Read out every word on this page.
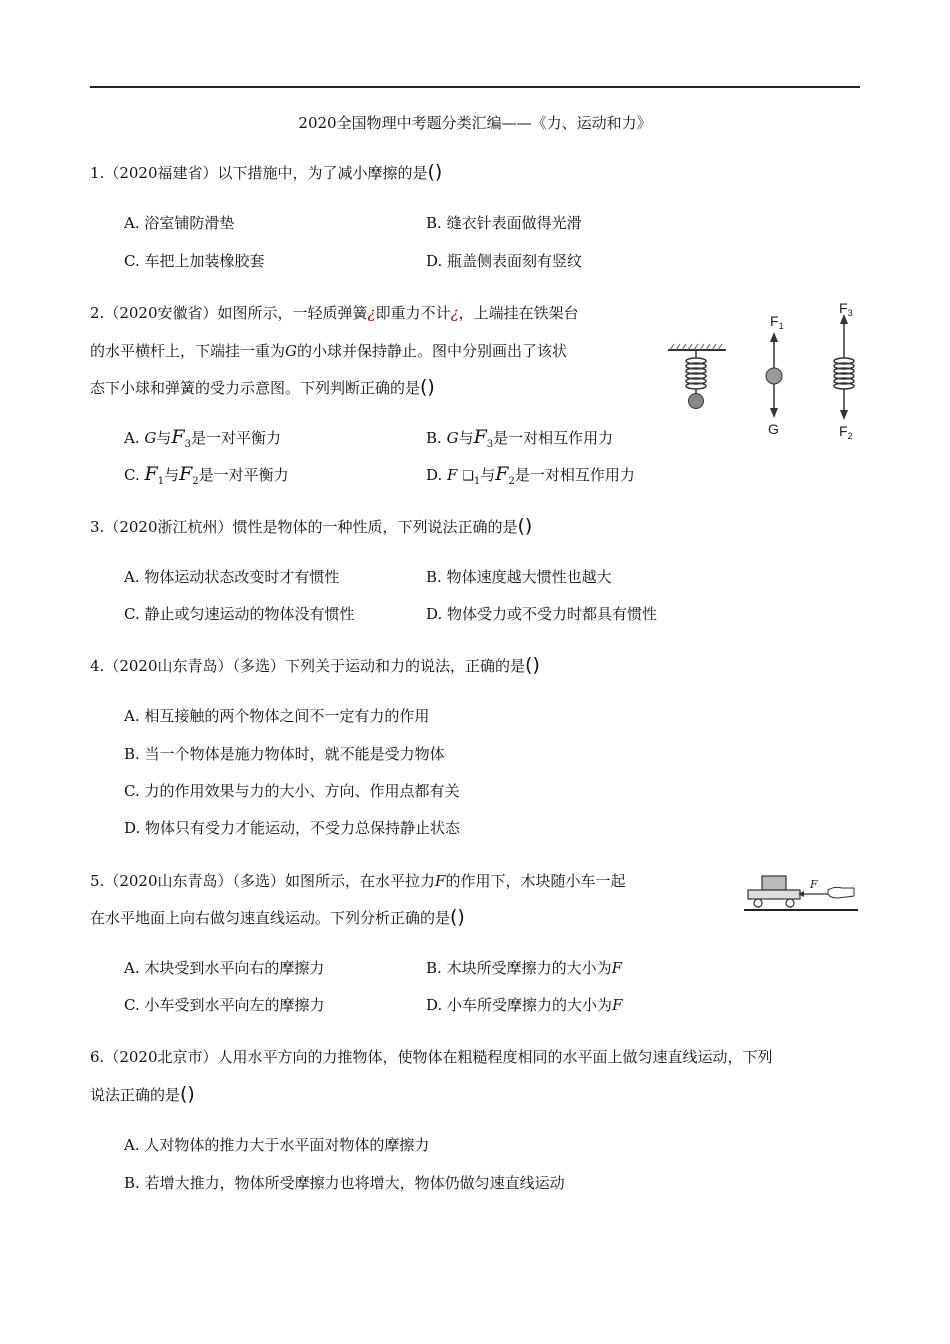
2020全国物理中考题分类汇编——《力、运动和力》
1.（2020福建省）以下措施中，为了减小摩擦的是()
A. 浴室铺防滑垫	B. 缝衣针表面做得光滑
C. 车把上加装橡胶套	D. 瓶盖侧表面刻有竖纹
2.（2020安徽省）如图所示，一轻质弹簧¿即重力不计¿，上端挂在铁架台
的水平横杆上，下端挂一重为G的小球并保持静止。图中分别画出了该状
态下小球和弹簧的受力示意图。下列判断正确的是()
$F_1$
G
$F_3$
$F_2$
A. G与$F_3$是一对平衡力	B. G与$F_3$是一对相互作用力
C. $F_1$与$F_2$是一对平衡力	D. F $❑_1$与$F_2$是一对相互作用力
3.（2020浙江杭州）惯性是物体的一种性质，下列说法正确的是()
A. 物体运动状态改变时才有惯性	B. 物体速度越大惯性也越大
C. 静止或匀速运动的物体没有惯性	D. 物体受力或不受力时都具有惯性
4.（2020山东青岛）（多选）下列关于运动和力的说法，正确的是()
A. 相互接触的两个物体之间不一定有力的作用
B. 当一个物体是施力物体时，就不能是受力物体
C. 力的作用效果与力的大小、方向、作用点都有关
D. 物体只有受力才能运动，不受力总保持静止状态
5.（2020山东青岛）（多选）如图所示，在水平拉力F的作用下，木块随小车一起
在水平地面上向右做匀速直线运动。下列分析正确的是()
F
A. 木块受到水平向右的摩擦力	B. 木块所受摩擦力的大小为F
C. 小车受到水平向左的摩擦力	D. 小车所受摩擦力的大小为F
6.（2020北京市）人用水平方向的力推物体，使物体在粗糙程度相同的水平面上做匀速直线运动，下列
说法正确的是()
A. 人对物体的推力大于水平面对物体的摩擦力
B. 若增大推力，物体所受摩擦力也将增大，物体仍做匀速直线运动
